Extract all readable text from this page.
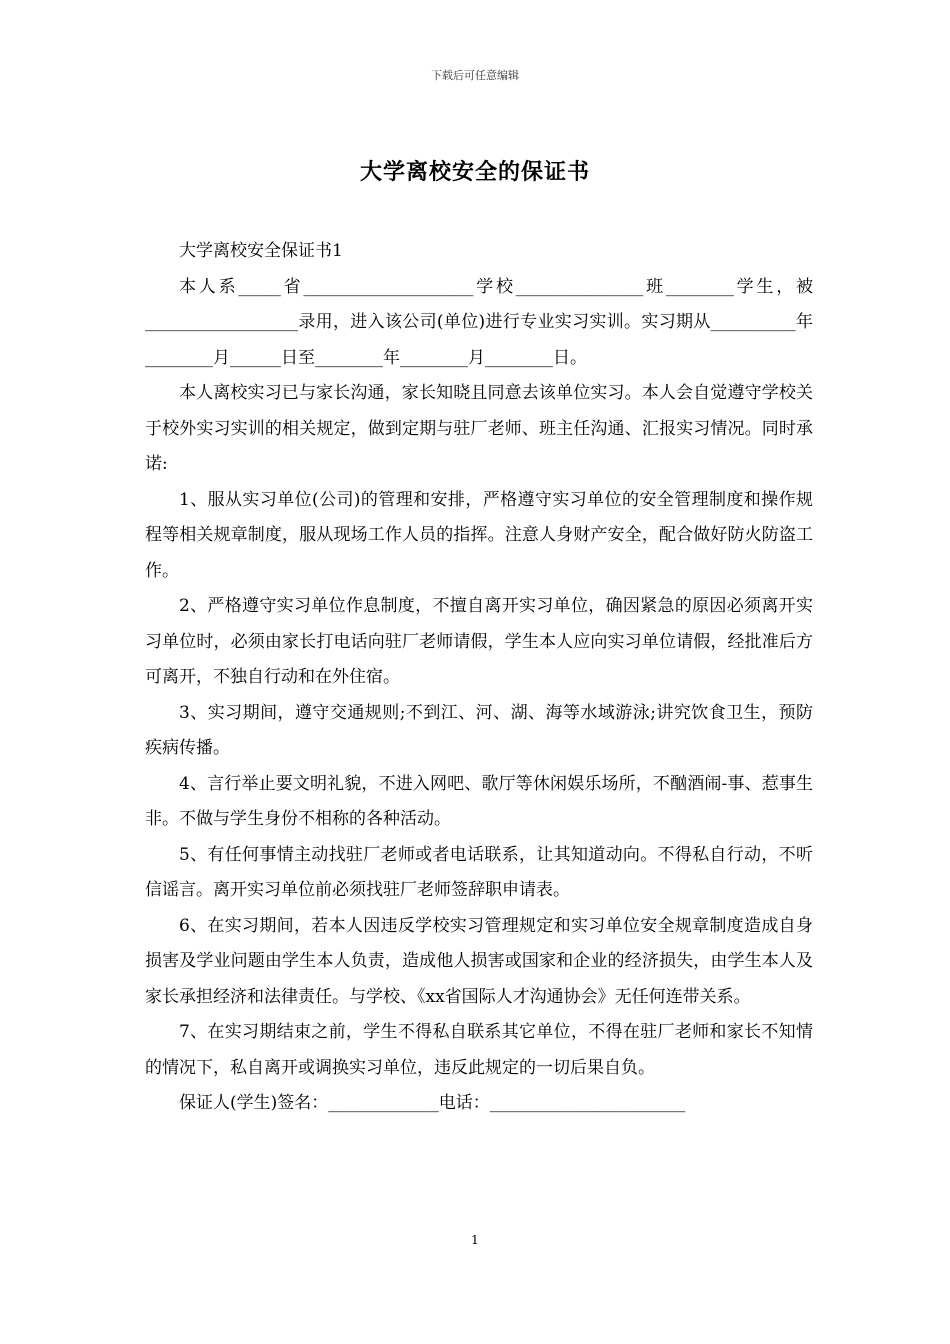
下载后可任意编辑
大学离校安全的保证书

大学离校安全保证书1

本人系_____省____________________学校_______________班________学生，被__________________录用，进入该公司(单位)进行专业实习实训。实习期从__________年________月______日至________年________月________日。

本人离校实习已与家长沟通，家长知晓且同意去该单位实习。本人会自觉遵守学校关于校外实习实训的相关规定，做到定期与驻厂老师、班主任沟通、汇报实习情况。同时承诺:

1、服从实习单位(公司)的管理和安排，严格遵守实习单位的安全管理制度和操作规程等相关规章制度，服从现场工作人员的指挥。注意人身财产安全，配合做好防火防盗工作。

2、严格遵守实习单位作息制度，不擅自离开实习单位，确因紧急的原因必须离开实习单位时，必须由家长打电话向驻厂老师请假，学生本人应向实习单位请假，经批准后方可离开，不独自行动和在外住宿。

3、实习期间，遵守交通规则;不到江、河、湖、海等水域游泳;讲究饮食卫生，预防疾病传播。

4、言行举止要文明礼貌，不进入网吧、歌厅等休闲娱乐场所，不酗酒闹-事、惹事生非。不做与学生身份不相称的各种活动。

5、有任何事情主动找驻厂老师或者电话联系，让其知道动向。不得私自行动，不听信谣言。离开实习单位前必须找驻厂老师签辞职申请表。

6、在实习期间，若本人因违反学校实习管理规定和实习单位安全规章制度造成自身损害及学业问题由学生本人负责，造成他人损害或国家和企业的经济损失，由学生本人及家长承担经济和法律责任。与学校、《xx省国际人才沟通协会》无任何连带关系。

7、在实习期结束之前，学生不得私自联系其它单位，不得在驻厂老师和家长不知情的情况下，私自离开或调换实习单位，违反此规定的一切后果自负。

保证人(学生)签名：_____________电话：_______________________

1
